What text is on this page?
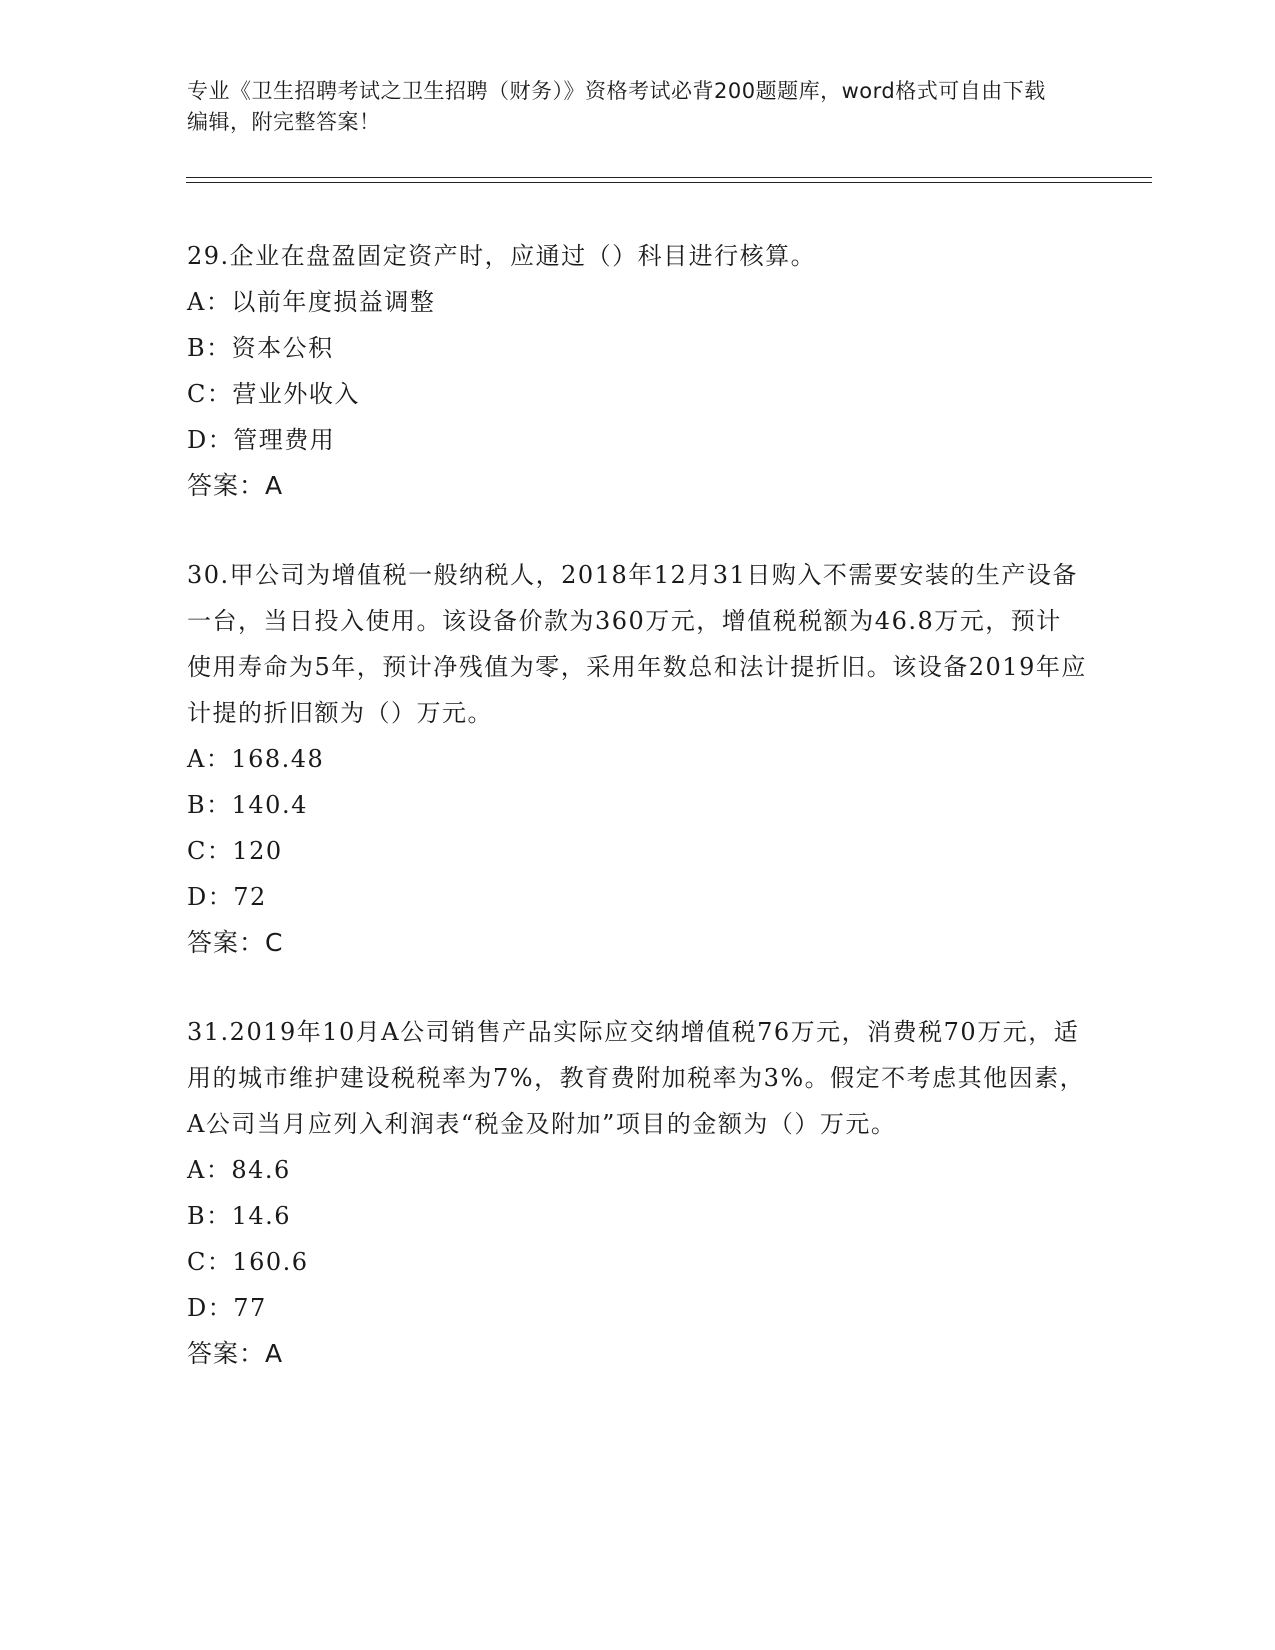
专业《卫生招聘考试之卫生招聘（财务）》资格考试必背200题题库，word格式可自由下载编辑，附完整答案！

29.企业在盘盈固定资产时，应通过（）科目进行核算。

A：以前年度损益调整

B：资本公积

C：营业外收入

D：管理费用

答案：A

30.甲公司为增值税一般纳税人，2018年12月31日购入不需要安装的生产设备一台，当日投入使用。该设备价款为360万元，增值税税额为46.8万元，预计使用寿命为5年，预计净残值为零，采用年数总和法计提折旧。该设备2019年应计提的折旧额为（）万元。

A：168.48

B：140.4

C：120

D：72

答案：C

31.2019年10月A公司销售产品实际应交纳增值税76万元，消费税70万元，适用的城市维护建设税税率为7%，教育费附加税率为3%。假定不考虑其他因素，A公司当月应列入利润表“税金及附加”项目的金额为（）万元。

A：84.6

B：14.6

C：160.6

D：77

答案：A
